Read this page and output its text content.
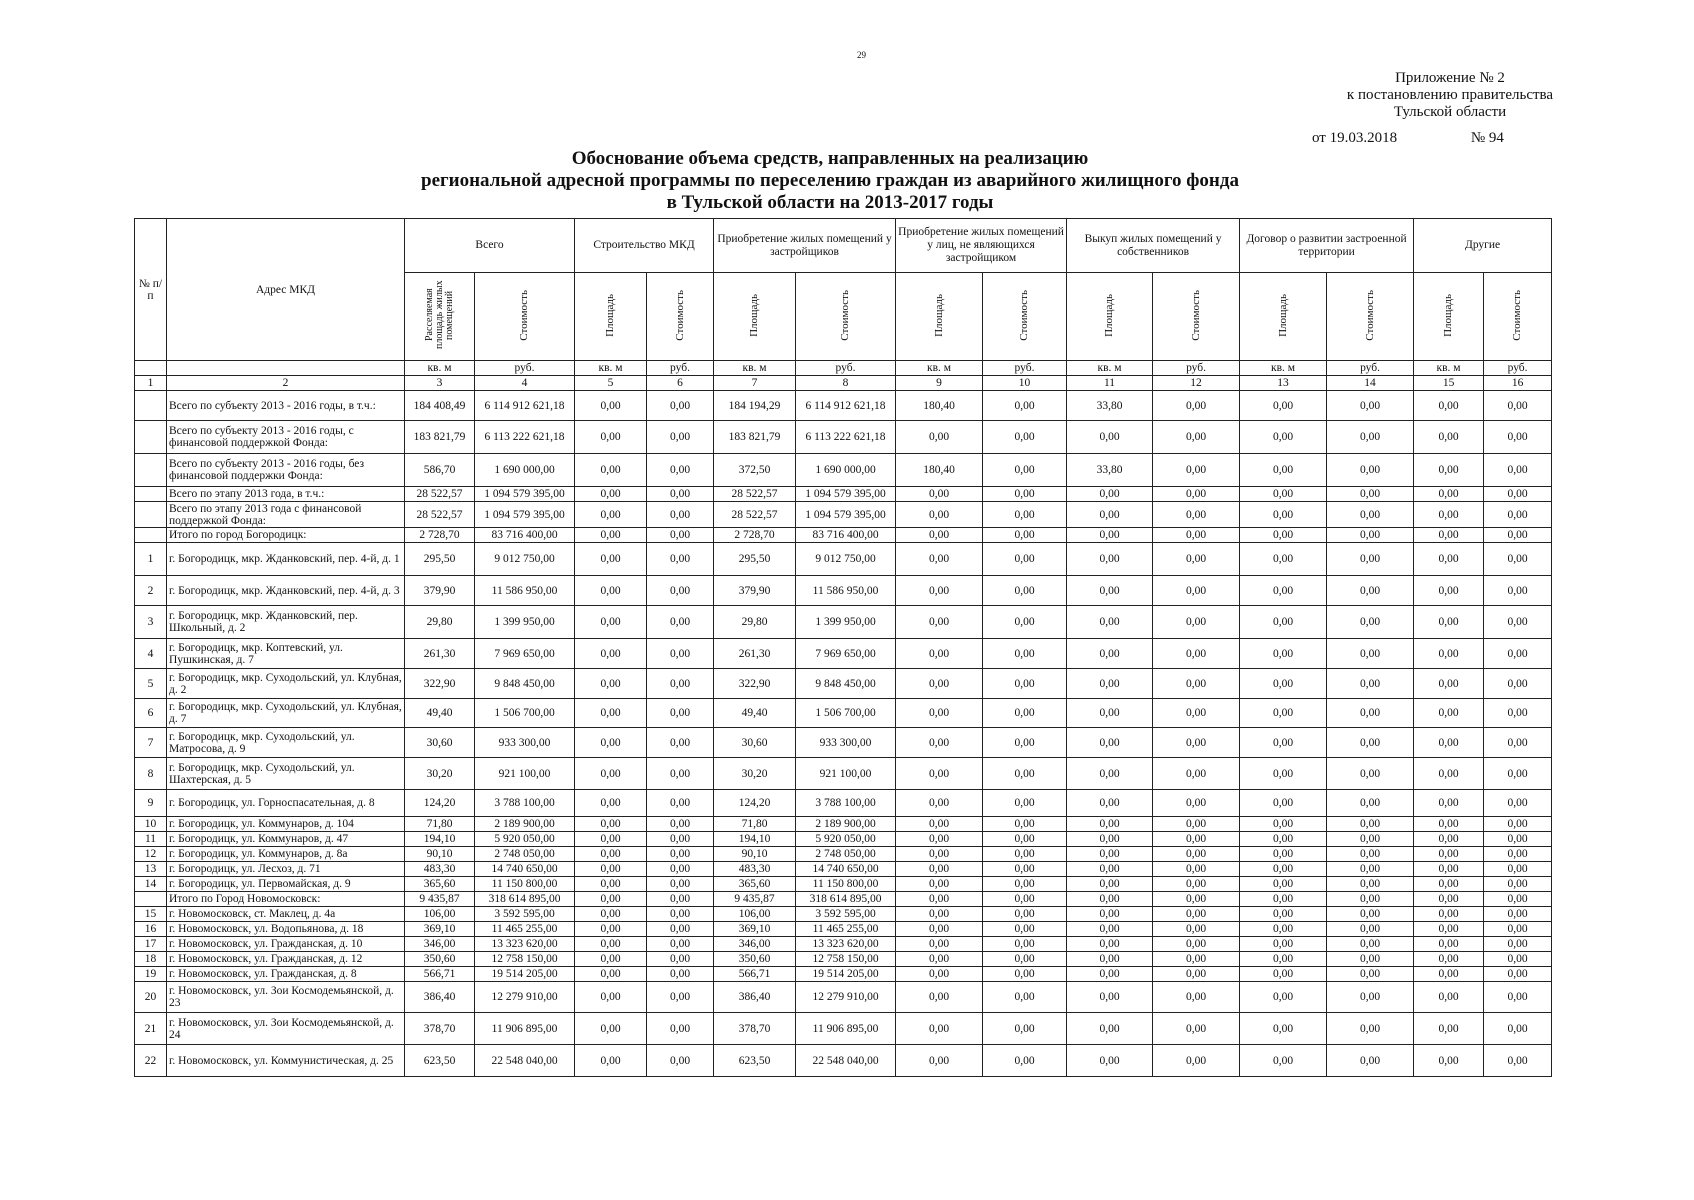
29
Приложение № 2
к постановлению правительства
Тульской области
от 19.03.2018	№ 94
Обоснование объема средств, направленных на реализацию
региональной адресной программы по переселению граждан из аварийного жилищного фонда
в Тульской области на 2013-2017 годы
№ п/п	Адрес МКД	Всего		Строительство МКД		Приобретение жилых помещений у застройщиков		Приобретение жилых помещений у лиц, не являющихся застройщиком		Выкуп жилых помещений у собственников		Договор о развитии застроенной территории		Другие	
		Расселяемая площадь жилых помещений	Стоимость	Площадь	Стоимость	Площадь	Стоимость	Площадь	Стоимость	Площадь	Стоимость	Площадь	Стоимость	Площадь	Стоимость
		кв. м	руб.	кв. м	руб.	кв. м	руб.	кв. м	руб.	кв. м	руб.	кв. м	руб.	кв. м	руб.
1	2	3	4	5	6	7	8	9	10	11	12	13	14	15	16
	Всего по субъекту 2013 - 2016 годы, в т.ч.:	184 408,49	6 114 912 621,18	0,00	0,00	184 194,29	6 114 912 621,18	180,40	0,00	33,80	0,00	0,00	0,00	0,00	0,00
	Всего по субъекту 2013 - 2016 годы, с финансовой поддержкой Фонда:	183 821,79	6 113 222 621,18	0,00	0,00	183 821,79	6 113 222 621,18	0,00	0,00	0,00	0,00	0,00	0,00	0,00	0,00
	Всего по субъекту 2013 - 2016 годы, без финансовой поддержки Фонда:	586,70	1 690 000,00	0,00	0,00	372,50	1 690 000,00	180,40	0,00	33,80	0,00	0,00	0,00	0,00	0,00
	Всего по этапу 2013 года, в т.ч.:	28 522,57	1 094 579 395,00	0,00	0,00	28 522,57	1 094 579 395,00	0,00	0,00	0,00	0,00	0,00	0,00	0,00	0,00
	Всего по этапу 2013 года с финансовой поддержкой Фонда:	28 522,57	1 094 579 395,00	0,00	0,00	28 522,57	1 094 579 395,00	0,00	0,00	0,00	0,00	0,00	0,00	0,00	0,00
	Итого по город Богородицк:	2 728,70	83 716 400,00	0,00	0,00	2 728,70	83 716 400,00	0,00	0,00	0,00	0,00	0,00	0,00	0,00	0,00
1	г. Богородицк, мкр. Жданковский, пер. 4-й, д. 1	295,50	9 012 750,00	0,00	0,00	295,50	9 012 750,00	0,00	0,00	0,00	0,00	0,00	0,00	0,00	0,00
2	г. Богородицк, мкр. Жданковский, пер. 4-й, д. 3	379,90	11 586 950,00	0,00	0,00	379,90	11 586 950,00	0,00	0,00	0,00	0,00	0,00	0,00	0,00	0,00
3	г. Богородицк, мкр. Жданковский, пер. Школьный, д. 2	29,80	1 399 950,00	0,00	0,00	29,80	1 399 950,00	0,00	0,00	0,00	0,00	0,00	0,00	0,00	0,00
4	г. Богородицк, мкр. Коптевский, ул. Пушкинская, д. 7	261,30	7 969 650,00	0,00	0,00	261,30	7 969 650,00	0,00	0,00	0,00	0,00	0,00	0,00	0,00	0,00
5	г. Богородицк, мкр. Суходольский, ул. Клубная, д. 2	322,90	9 848 450,00	0,00	0,00	322,90	9 848 450,00	0,00	0,00	0,00	0,00	0,00	0,00	0,00	0,00
6	г. Богородицк, мкр. Суходольский, ул. Клубная, д. 7	49,40	1 506 700,00	0,00	0,00	49,40	1 506 700,00	0,00	0,00	0,00	0,00	0,00	0,00	0,00	0,00
7	г. Богородицк, мкр. Суходольский, ул. Матросова, д. 9	30,60	933 300,00	0,00	0,00	30,60	933 300,00	0,00	0,00	0,00	0,00	0,00	0,00	0,00	0,00
8	г. Богородицк, мкр. Суходольский, ул. Шахтерская, д. 5	30,20	921 100,00	0,00	0,00	30,20	921 100,00	0,00	0,00	0,00	0,00	0,00	0,00	0,00	0,00
9	г. Богородицк, ул. Горноспасательная, д. 8	124,20	3 788 100,00	0,00	0,00	124,20	3 788 100,00	0,00	0,00	0,00	0,00	0,00	0,00	0,00	0,00
10	г. Богородицк, ул. Коммунаров, д. 104	71,80	2 189 900,00	0,00	0,00	71,80	2 189 900,00	0,00	0,00	0,00	0,00	0,00	0,00	0,00	0,00
11	г. Богородицк, ул. Коммунаров, д. 47	194,10	5 920 050,00	0,00	0,00	194,10	5 920 050,00	0,00	0,00	0,00	0,00	0,00	0,00	0,00	0,00
12	г. Богородицк, ул. Коммунаров, д. 8а	90,10	2 748 050,00	0,00	0,00	90,10	2 748 050,00	0,00	0,00	0,00	0,00	0,00	0,00	0,00	0,00
13	г. Богородицк, ул. Лесхоз, д. 71	483,30	14 740 650,00	0,00	0,00	483,30	14 740 650,00	0,00	0,00	0,00	0,00	0,00	0,00	0,00	0,00
14	г. Богородицк, ул. Первомайская, д. 9	365,60	11 150 800,00	0,00	0,00	365,60	11 150 800,00	0,00	0,00	0,00	0,00	0,00	0,00	0,00	0,00
	Итого по Город Новомосковск:	9 435,87	318 614 895,00	0,00	0,00	9 435,87	318 614 895,00	0,00	0,00	0,00	0,00	0,00	0,00	0,00	0,00
15	г. Новомосковск, ст. Маклец, д. 4а	106,00	3 592 595,00	0,00	0,00	106,00	3 592 595,00	0,00	0,00	0,00	0,00	0,00	0,00	0,00	0,00
16	г. Новомосковск, ул. Водопьянова, д. 18	369,10	11 465 255,00	0,00	0,00	369,10	11 465 255,00	0,00	0,00	0,00	0,00	0,00	0,00	0,00	0,00
17	г. Новомосковск, ул. Гражданская, д. 10	346,00	13 323 620,00	0,00	0,00	346,00	13 323 620,00	0,00	0,00	0,00	0,00	0,00	0,00	0,00	0,00
18	г. Новомосковск, ул. Гражданская, д. 12	350,60	12 758 150,00	0,00	0,00	350,60	12 758 150,00	0,00	0,00	0,00	0,00	0,00	0,00	0,00	0,00
19	г. Новомосковск, ул. Гражданская, д. 8	566,71	19 514 205,00	0,00	0,00	566,71	19 514 205,00	0,00	0,00	0,00	0,00	0,00	0,00	0,00	0,00
20	г. Новомосковск, ул. Зои Космодемьянской, д. 23	386,40	12 279 910,00	0,00	0,00	386,40	12 279 910,00	0,00	0,00	0,00	0,00	0,00	0,00	0,00	0,00
21	г. Новомосковск, ул. Зои Космодемьянской, д. 24	378,70	11 906 895,00	0,00	0,00	378,70	11 906 895,00	0,00	0,00	0,00	0,00	0,00	0,00	0,00	0,00
22	г. Новомосковск, ул. Коммунистическая, д. 25	623,50	22 548 040,00	0,00	0,00	623,50	22 548 040,00	0,00	0,00	0,00	0,00	0,00	0,00	0,00	0,00
